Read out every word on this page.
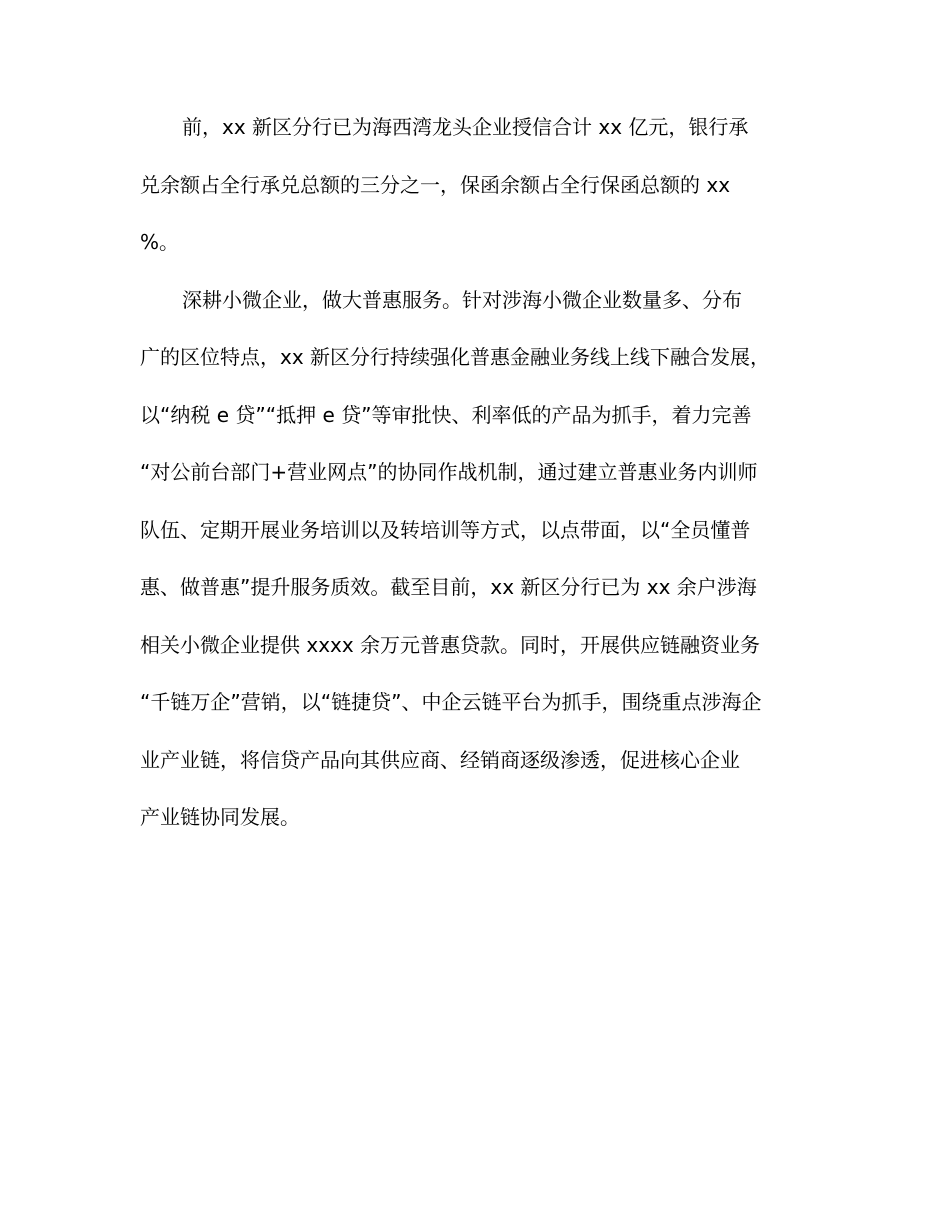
前，xx 新区分行已为海西湾龙头企业授信合计 xx 亿元，银行承
兑余额占全行承兑总额的三分之一，保函余额占全行保函总额的 xx
%。
深耕小微企业，做大普惠服务。针对涉海小微企业数量多、分布
广的区位特点，xx 新区分行持续强化普惠金融业务线上线下融合发展，
以“纳税 e 贷”“抵押 e 贷”等审批快、利率低的产品为抓手，着力完善
“对公前台部门+营业网点”的协同作战机制，通过建立普惠业务内训师
队伍、定期开展业务培训以及转培训等方式，以点带面，以“全员懂普
惠、做普惠”提升服务质效。截至目前，xx 新区分行已为 xx 余户涉海
相关小微企业提供 xxxx 余万元普惠贷款。同时，开展供应链融资业务
“千链万企”营销，以“链捷贷”、中企云链平台为抓手，围绕重点涉海企
业产业链，将信贷产品向其供应商、经销商逐级渗透，促进核心企业
产业链协同发展。
